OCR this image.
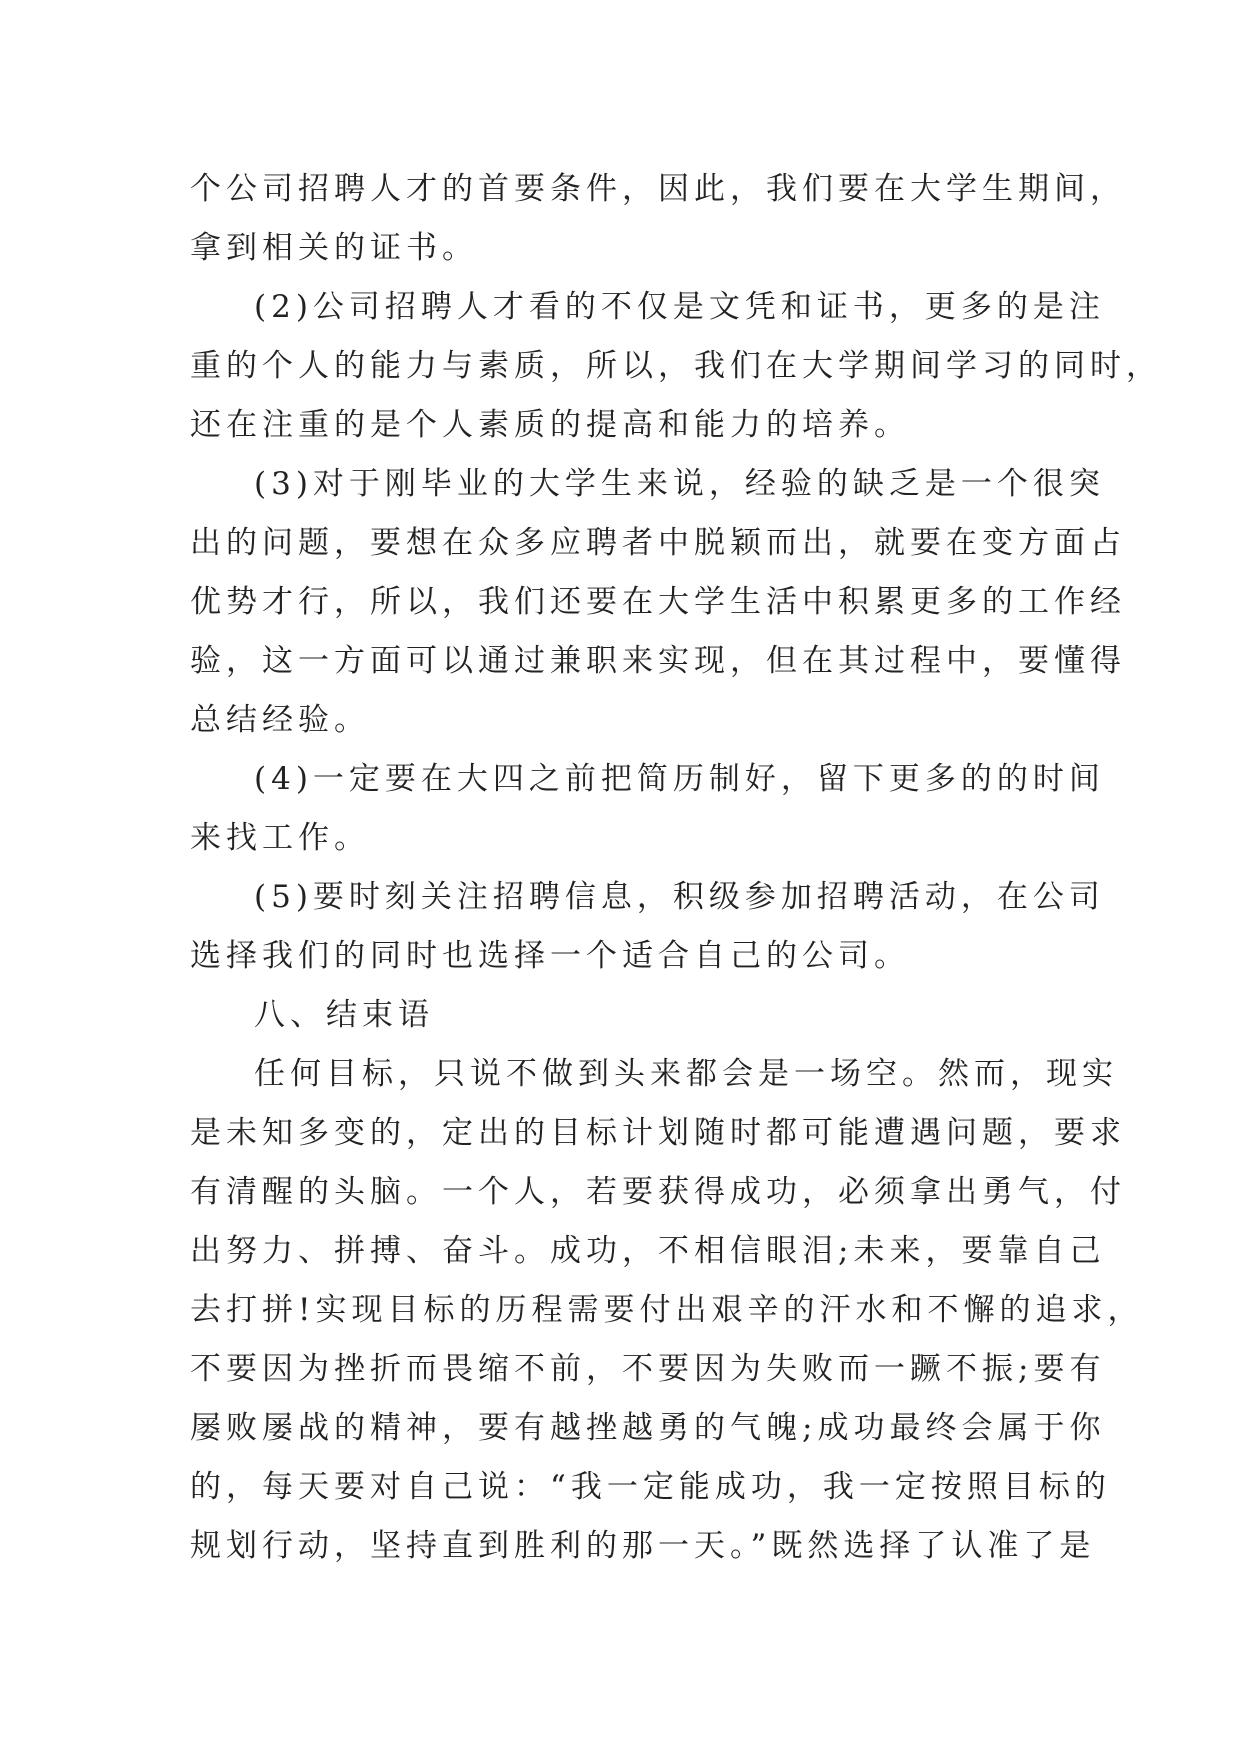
个公司招聘人才的首要条件，因此，我们要在大学生期间，
拿到相关的证书。
(2)公司招聘人才看的不仅是文凭和证书，更多的是注
重的个人的能力与素质，所以，我们在大学期间学习的同时，
还在注重的是个人素质的提高和能力的培养。
(3)对于刚毕业的大学生来说，经验的缺乏是一个很突
出的问题，要想在众多应聘者中脱颖而出，就要在变方面占
优势才行，所以，我们还要在大学生活中积累更多的工作经
验，这一方面可以通过兼职来实现，但在其过程中，要懂得
总结经验。
(4)一定要在大四之前把简历制好，留下更多的的时间
来找工作。
(5)要时刻关注招聘信息，积级参加招聘活动，在公司
选择我们的同时也选择一个适合自己的公司。
八、结束语
任何目标，只说不做到头来都会是一场空。然而，现实
是未知多变的，定出的目标计划随时都可能遭遇问题，要求
有清醒的头脑。一个人，若要获得成功，必须拿出勇气，付
出努力、拼搏、奋斗。成功，不相信眼泪;未来，要靠自己
去打拼!实现目标的历程需要付出艰辛的汗水和不懈的追求，
不要因为挫折而畏缩不前，不要因为失败而一蹶不振;要有
屡败屡战的精神，要有越挫越勇的气魄;成功最终会属于你
的，每天要对自己说：“我一定能成功，我一定按照目标的
规划行动，坚持直到胜利的那一天。”既然选择了认准了是
